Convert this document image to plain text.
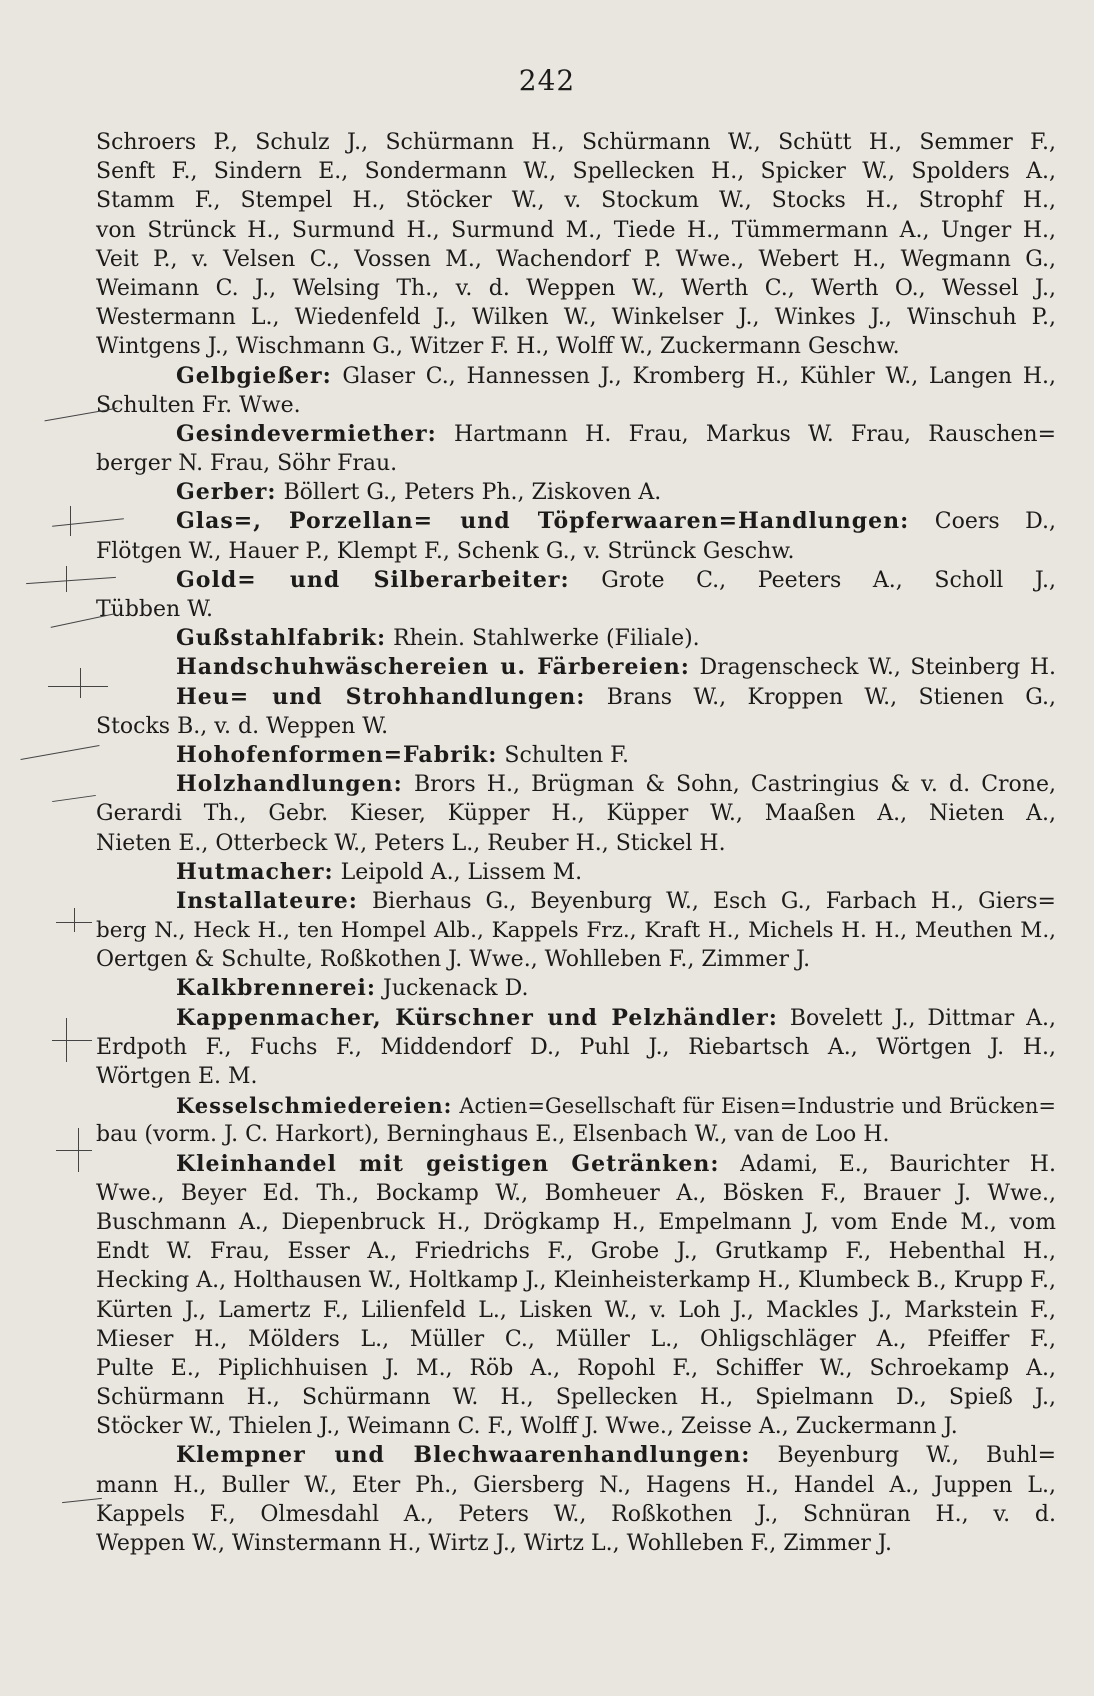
242
Schroers P., Schulz J., Schürmann H., Schürmann W., Schütt H., Semmer F.,
Senft F., Sindern E., Sondermann W., Spellecken H., Spicker W., Spolders A.,
Stamm F., Stempel H., Stöcker W., v. Stockum W., Stocks H., Strophf H.,
von Strünck H., Surmund H., Surmund M., Tiede H., Tümmermann A., Unger H.,
Veit P., v. Velsen C., Vossen M., Wachendorf P. Wwe., Webert H., Wegmann G.,
Weimann C. J., Welsing Th., v. d. Weppen W., Werth C., Werth O., Wessel J.,
Westermann L., Wiedenfeld J., Wilken W., Winkelser J., Winkes J., Winschuh P.,
Wintgens J., Wischmann G., Witzer F. H., Wolff W., Zuckermann Geschw.
Gelbgießer: Glaser C., Hannessen J., Kromberg H., Kühler W., Langen H.,
Schulten Fr. Wwe.
Gesindevermiether: Hartmann H. Frau, Markus W. Frau, Rauschen=
berger N. Frau, Söhr Frau.
Gerber: Böllert G., Peters Ph., Ziskoven A.
Glas=, Porzellan= und Töpferwaaren=Handlungen: Coers D.,
Flötgen W., Hauer P., Klempt F., Schenk G., v. Strünck Geschw.
Gold= und Silberarbeiter: Grote C., Peeters A., Scholl J.,
Tübben W.
Gußstahlfabrik: Rhein. Stahlwerke (Filiale).
Handschuhwäschereien u. Färbereien: Dragenscheck W., Steinberg H.
Heu= und Strohhandlungen: Brans W., Kroppen W., Stienen G.,
Stocks B., v. d. Weppen W.
Hohofenformen=Fabrik: Schulten F.
Holzhandlungen: Brors H., Brügman & Sohn, Castringius & v. d. Crone,
Gerardi Th., Gebr. Kieser, Küpper H., Küpper W., Maaßen A., Nieten A.,
Nieten E., Otterbeck W., Peters L., Reuber H., Stickel H.
Hutmacher: Leipold A., Lissem M.
Installateure: Bierhaus G., Beyenburg W., Esch G., Farbach H., Giers=
berg N., Heck H., ten Hompel Alb., Kappels Frz., Kraft H., Michels H. H., Meuthen M.,
Oertgen & Schulte, Roßkothen J. Wwe., Wohlleben F., Zimmer J.
Kalkbrennerei: Juckenack D.
Kappenmacher, Kürschner und Pelzhändler: Bovelett J., Dittmar A.,
Erdpoth F., Fuchs F., Middendorf D., Puhl J., Riebartsch A., Wörtgen J. H.,
Wörtgen E. M.
Kesselschmiedereien: Actien=Gesellschaft für Eisen=Industrie und Brücken=
bau (vorm. J. C. Harkort), Berninghaus E., Elsenbach W., van de Loo H.
Kleinhandel mit geistigen Getränken: Adami, E., Baurichter H.
Wwe., Beyer Ed. Th., Bockamp W., Bomheuer A., Bösken F., Brauer J. Wwe.,
Buschmann A., Diepenbruck H., Drögkamp H., Empelmann J, vom Ende M., vom
Endt W. Frau, Esser A., Friedrichs F., Grobe J., Grutkamp F., Hebenthal H.,
Hecking A., Holthausen W., Holtkamp J., Kleinheisterkamp H., Klumbeck B., Krupp F.,
Kürten J., Lamertz F., Lilienfeld L., Lisken W., v. Loh J., Mackles J., Markstein F.,
Mieser H., Mölders L., Müller C., Müller L., Ohligschläger A., Pfeiffer F.,
Pulte E., Piplichhuisen J. M., Röb A., Ropohl F., Schiffer W., Schroekamp A.,
Schürmann H., Schürmann W. H., Spellecken H., Spielmann D., Spieß J.,
Stöcker W., Thielen J., Weimann C. F., Wolff J. Wwe., Zeisse A., Zuckermann J.
Klempner und Blechwaarenhandlungen: Beyenburg W., Buhl=
mann H., Buller W., Eter Ph., Giersberg N., Hagens H., Handel A., Juppen L.,
Kappels F., Olmesdahl A., Peters W., Roßkothen J., Schnüran H., v. d.
Weppen W., Winstermann H., Wirtz J., Wirtz L., Wohlleben F., Zimmer J.
